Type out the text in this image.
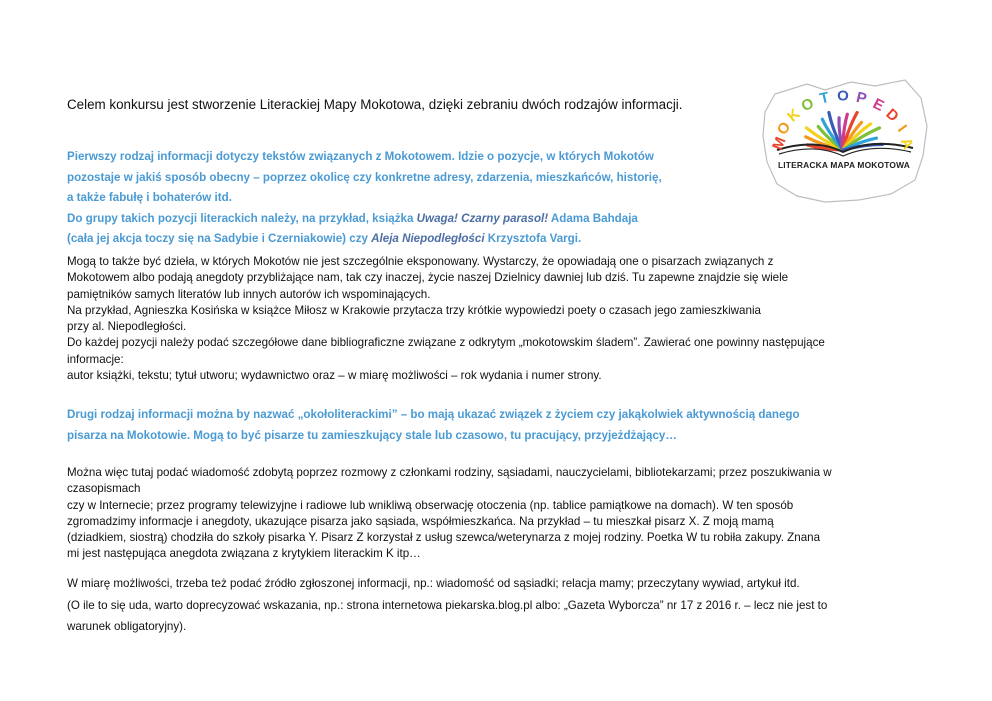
M
O
K
O T O P E
D
I
A
LITERACKA MAPA MOKOTOWA

Celem konkursu jest stworzenie Literackiej Mapy Mokotowa, dzięki zebraniu dwóch rodzajów informacji.

Pierwszy rodzaj informacji dotyczy tekstów związanych z Mokotowem. Idzie o pozycje, w których Mokotów
pozostaje w jakiś sposób obecny – poprzez okolicę czy konkretne adresy, zdarzenia, mieszkańców, historię,
a także fabułę i bohaterów itd.
Do grupy takich pozycji literackich należy, na przykład, książka Uwaga! Czarny parasol! Adama Bahdaja
(cała jej akcja toczy się na Sadybie i Czerniakowie) czy Aleja Niepodległości Krzysztofa Vargi.
Mogą to także być dzieła, w których Mokotów nie jest szczególnie eksponowany. Wystarczy, że opowiadają one o pisarzach związanych z
Mokotowem albo podają anegdoty przybliżające nam, tak czy inaczej, życie naszej Dzielnicy dawniej lub dziś. Tu zapewne znajdzie się wiele
pamiętników samych literatów lub innych autorów ich wspominających.
Na przykład, Agnieszka Kosińska w książce Miłosz w Krakowie przytacza trzy krótkie wypowiedzi poety o czasach jego zamieszkiwania
przy al. Niepodległości.
Do każdej pozycji należy podać szczegółowe dane bibliograficzne związane z odkrytym „mokotowskim śladem”. Zawierać one powinny następujące
informacje:
autor książki, tekstu; tytuł utworu; wydawnictwo oraz – w miarę możliwości – rok wydania i numer strony.
Drugi rodzaj informacji można by nazwać „okołoliterackimi” – bo mają ukazać związek z życiem czy jakąkolwiek aktywnością danego
pisarza na Mokotowie. Mogą to być pisarze tu zamieszkujący stale lub czasowo, tu pracujący, przyjeżdżający…
Można więc tutaj podać wiadomość zdobytą poprzez rozmowy z członkami rodziny, sąsiadami, nauczycielami, bibliotekarzami; przez poszukiwania w
czasopismach
czy w Internecie; przez programy telewizyjne i radiowe lub wnikliwą obserwację otoczenia (np. tablice pamiątkowe na domach). W ten sposób
zgromadzimy informacje i anegdoty, ukazujące pisarza jako sąsiada, współmieszkańca. Na przykład – tu mieszkał pisarz X. Z moją mamą
(dziadkiem, siostrą) chodziła do szkoły pisarka Y. Pisarz Z korzystał z usług szewca/weterynarza z mojej rodziny. Poetka W tu robiła zakupy. Znana
mi jest następująca anegdota związana z krytykiem literackim K itp…
W miarę możliwości, trzeba też podać źródło zgłoszonej informacji, np.: wiadomość od sąsiadki; relacja mamy; przeczytany wywiad, artykuł itd.
(O ile to się uda, warto doprecyzować wskazania, np.: strona internetowa piekarska.blog.pl albo: „Gazeta Wyborcza” nr 17 z 2016 r. – lecz nie jest to
warunek obligatoryjny).
